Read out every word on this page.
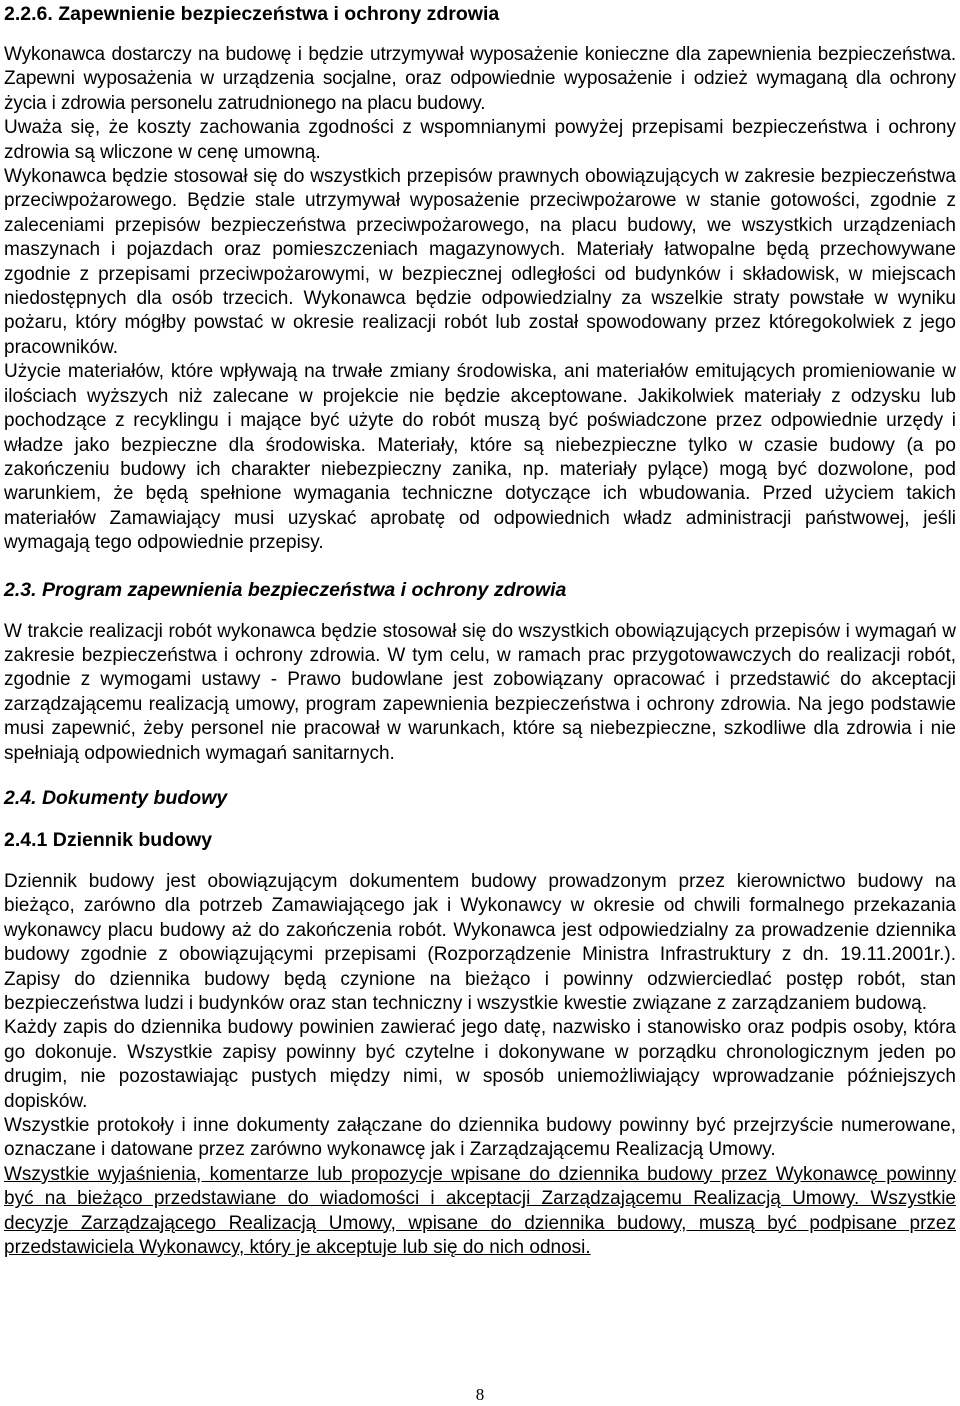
2.2.6. Zapewnienie bezpieczeństwa i ochrony zdrowia

Wykonawca dostarczy na budowę i będzie utrzymywał wyposażenie konieczne dla zapewnienia bezpieczeństwa. Zapewni wyposażenia w urządzenia socjalne, oraz odpowiednie wyposażenie i odzież wymaganą dla ochrony życia i zdrowia personelu zatrudnionego na placu budowy.

Uważa się, że koszty zachowania zgodności z wspomnianymi powyżej przepisami bezpieczeństwa i ochrony zdrowia są wliczone w cenę umowną.

Wykonawca będzie stosował się do wszystkich przepisów prawnych obowiązujących w zakresie bezpieczeństwa przeciwpożarowego. Będzie stale utrzymywał wyposażenie przeciwpożarowe w stanie gotowości, zgodnie z zaleceniami przepisów bezpieczeństwa przeciwpożarowego, na placu budowy, we wszystkich urządzeniach maszynach i pojazdach oraz pomieszczeniach magazynowych. Materiały łatwopalne będą przechowywane zgodnie z przepisami przeciwpożarowymi, w bezpiecznej odległości od budynków i składowisk, w miejscach niedostępnych dla osób trzecich. Wykonawca będzie odpowiedzialny za wszelkie straty powstałe w wyniku pożaru, który mógłby powstać w okresie realizacji robót lub został spowodowany przez któregokolwiek z jego pracowników.

Użycie materiałów, które wpływają na trwałe zmiany środowiska, ani materiałów emitujących promieniowanie w ilościach wyższych niż zalecane w projekcie nie będzie akceptowane. Jakikolwiek materiały z odzysku lub pochodzące z recyklingu i mające być użyte do robót muszą być poświadczone przez odpowiednie urzędy i władze jako bezpieczne dla środowiska. Materiały, które są niebezpieczne tylko w czasie budowy (a po zakończeniu budowy ich charakter niebezpieczny zanika, np. materiały pylące) mogą być dozwolone, pod warunkiem, że będą spełnione wymagania techniczne dotyczące ich wbudowania. Przed użyciem takich materiałów Zamawiający musi uzyskać aprobatę od odpowiednich władz administracji państwowej, jeśli wymagają tego odpowiednie przepisy.

2.3. Program zapewnienia bezpieczeństwa i ochrony zdrowia

W trakcie realizacji robót wykonawca będzie stosował się do wszystkich obowiązujących przepisów i wymagań w zakresie bezpieczeństwa i ochrony zdrowia. W tym celu, w ramach prac przygotowawczych do realizacji robót, zgodnie z wymogami ustawy - Prawo budowlane jest zobowiązany opracować i przedstawić do akceptacji zarządzającemu realizacją umowy, program zapewnienia bezpieczeństwa i ochrony zdrowia. Na jego podstawie musi zapewnić, żeby personel nie pracował w warunkach, które są niebezpieczne, szkodliwe dla zdrowia i nie spełniają odpowiednich wymagań sanitarnych.

2.4. Dokumenty budowy
2.4.1 Dziennik budowy

Dziennik budowy jest obowiązującym dokumentem budowy prowadzonym przez kierownictwo budowy na bieżąco, zarówno dla potrzeb Zamawiającego jak i Wykonawcy w okresie od chwili formalnego przekazania wykonawcy placu budowy aż do zakończenia robót. Wykonawca jest odpowiedzialny za prowadzenie dziennika budowy zgodnie z obowiązującymi przepisami (Rozporządzenie Ministra Infrastruktury z dn. 19.11.2001r.). Zapisy do dziennika budowy będą czynione na bieżąco i powinny odzwierciedlać postęp robót, stan bezpieczeństwa ludzi i budynków oraz stan techniczny i wszystkie kwestie związane z zarządzaniem budową.

Każdy zapis do dziennika budowy powinien zawierać jego datę, nazwisko i stanowisko oraz podpis osoby, która go dokonuje. Wszystkie zapisy powinny być czytelne i dokonywane w porządku chronologicznym jeden po drugim, nie pozostawiając pustych między nimi, w sposób uniemożliwiający wprowadzanie późniejszych dopisków.

Wszystkie protokoły i inne dokumenty załączane do dziennika budowy powinny być przejrzyście numerowane, oznaczane i datowane przez zarówno wykonawcę jak i Zarządzającemu Realizacją Umowy.

Wszystkie wyjaśnienia, komentarze lub propozycje wpisane do dziennika budowy przez Wykonawcę powinny być na bieżąco przedstawiane do wiadomości i akceptacji Zarządzającemu Realizacją Umowy. Wszystkie decyzje Zarządzającego Realizacją Umowy, wpisane do dziennika budowy, muszą być podpisane przez przedstawiciela Wykonawcy, który je akceptuje lub się do nich odnosi.

8
